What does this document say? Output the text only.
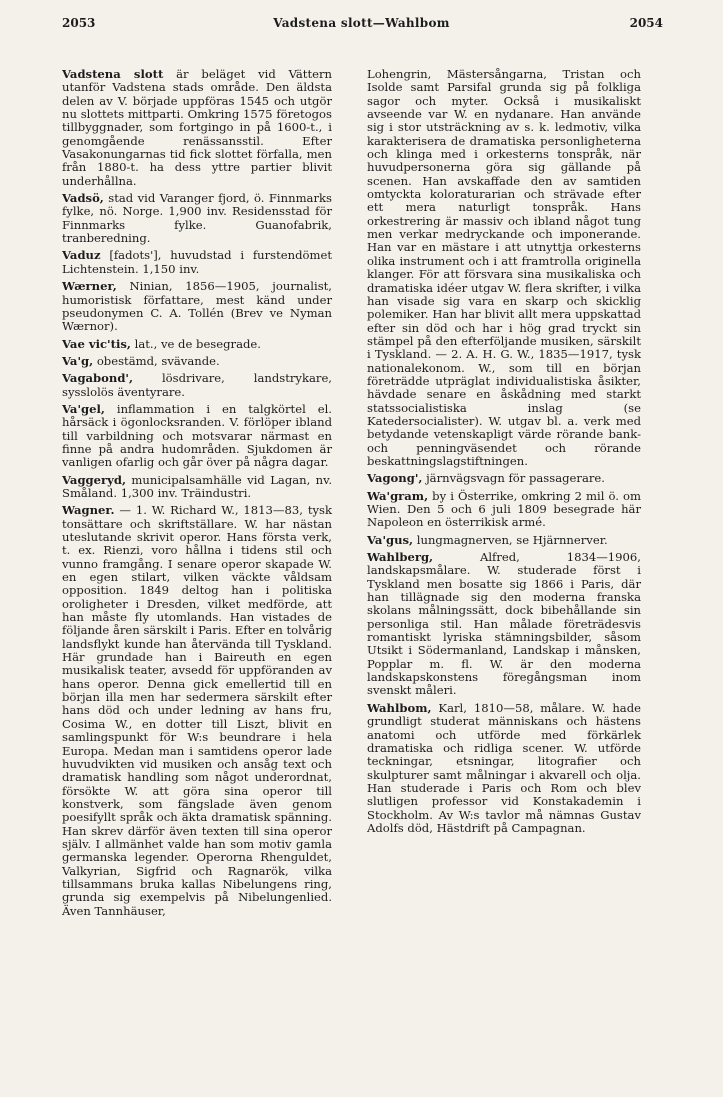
2053	Vadstena slott—Wahlbom	2054

Vadstena slott är beläget vid Vättern utanför Vadstena stads område. Den äldsta delen av V. började uppföras 1545 och utgör nu slottets mittparti. Omkring 1575 företogos tillbyggnader, som fortgingo in på 1600-t., i genomgående renässansstil. Efter Vasakonungarnas tid fick slottet förfalla, men från 1880-t. ha dess yttre partier blivit underhållna.

Vadsö, stad vid Varanger fjord, ö. Finnmarks fylke, nö. Norge. 1,900 inv. Residensstad för Finnmarks fylke. Guanofabrik, tranberedning.

Vaduz [fadots'], huvudstad i furstendömet Lichtenstein. 1,150 inv.

Wærner, Ninian, 1856—1905, journalist, humoristisk författare, mest känd under pseudonymen C. A. Tollén (Brev ve Nyman Wærnor).

Vae vic'tis, lat., ve de besegrade.

Va'g, obestämd, svävande.

Vagabond', lösdrivare, landstrykare, sysslolös äventyrare.

Va'gel, inflammation i en talgkörtel el. hårsäck i ögonlocksranden. V. förlöper ibland till varbildning och motsvarar närmast en finne på andra hudområden. Sjukdomen är vanligen ofarlig och går över på några dagar.

Vaggeryd, municipalsamhälle vid Lagan, nv. Småland. 1,300 inv. Träindustri.

Wagner. — 1. W. Richard W., 1813—83, tysk tonsättare och skriftställare. W. har nästan uteslutande skrivit operor. Hans första verk, t. ex. Rienzi, voro hållna i tidens stil och vunno framgång. I senare operor skapade W. en egen stilart, vilken väckte våldsam opposition. 1849 deltog han i politiska oroligheter i Dresden, vilket medförde, att han måste fly utomlands. Han vistades de följande åren särskilt i Paris. Efter en tolvårig landsflykt kunde han återvända till Tyskland. Här grundade han i Baireuth en egen musikalisk teater, avsedd för uppföranden av hans operor. Denna gick emellertid till en början illa men har sedermera särskilt efter hans död och under ledning av hans fru, Cosima W., en dotter till Liszt, blivit en samlingspunkt för W:s beundrare i hela Europa. Medan man i samtidens operor lade huvudvikten vid musiken och ansåg text och dramatisk handling som något underordnat, försökte W. att göra sina operor till konstverk, som fängslade även genom poesifyllt språk och äkta dramatisk spänning. Han skrev därför även texten till sina operor själv. I allmänhet valde han som motiv gamla germanska legender. Operorna Rhenguldet, Valkyrian, Sigfrid och Ragnarök, vilka tillsammans bruka kallas Nibelungens ring, grunda sig exempelvis på Nibelungenlied. Även Tannhäuser,

Lohengrin, Mästersångarna, Tristan och Isolde samt Parsifal grunda sig på folkliga sagor och myter. Också i musikaliskt avseende var W. en nydanare. Han använde sig i stor utsträckning av s. k. ledmotiv, vilka karakterisera de dramatiska personligheterna och klinga med i orkesterns tonspråk, när huvudpersonerna göra sig gällande på scenen. Han avskaffade den av samtiden omtyckta koloraturarian och strävade efter ett mera naturligt tonspråk. Hans orkestrering är massiv och ibland något tung men verkar medryckande och imponerande. Han var en mästare i att utnyttja orkesterns olika instrument och i att framtrolla originella klanger. För att försvara sina musikaliska och dramatiska idéer utgav W. flera skrifter, i vilka han visade sig vara en skarp och skicklig polemiker. Han har blivit allt mera uppskattad efter sin död och har i hög grad tryckt sin stämpel på den efterföljande musiken, särskilt i Tyskland. — 2. A. H. G. W., 1835—1917, tysk nationalekonom. W., som till en början företrädde utpräglat individualistiska åsikter, hävdade senare en åskådning med starkt statssocialistiska inslag (se Katedersocialister). W. utgav bl. a. verk med betydande vetenskapligt värde rörande bank- och penningväsendet och rörande beskattningslagstiftningen.

Vagong', järnvägsvagn för passagerare.

Wa'gram, by i Österrike, omkring 2 mil ö. om Wien. Den 5 och 6 juli 1809 besegrade här Napoleon en österrikisk armé.

Va'gus, lungmagnerven, se Hjärnnerver.

Wahlberg, Alfred, 1834—1906, landskapsmålare. W. studerade först i Tyskland men bosatte sig 1866 i Paris, där han tillägnade sig den moderna franska skolans målningssätt, dock bibehållande sin personliga stil. Han målade företrädesvis romantiskt lyriska stämningsbilder, såsom Utsikt i Södermanland, Landskap i månsken, Popplar m. fl. W. är den moderna landskapskonstens föregångsman inom svenskt måleri.

Wahlbom, Karl, 1810—58, målare. W. hade grundligt studerat människans och hästens anatomi och utförde med förkärlek dramatiska och ridliga scener. W. utförde teckningar, etsningar, litografier och skulpturer samt målningar i akvarell och olja. Han studerade i Paris och Rom och blev slutligen professor vid Konstakademin i Stockholm. Av W:s tavlor må nämnas Gustav Adolfs död, Hästdrift på Campagnan.
